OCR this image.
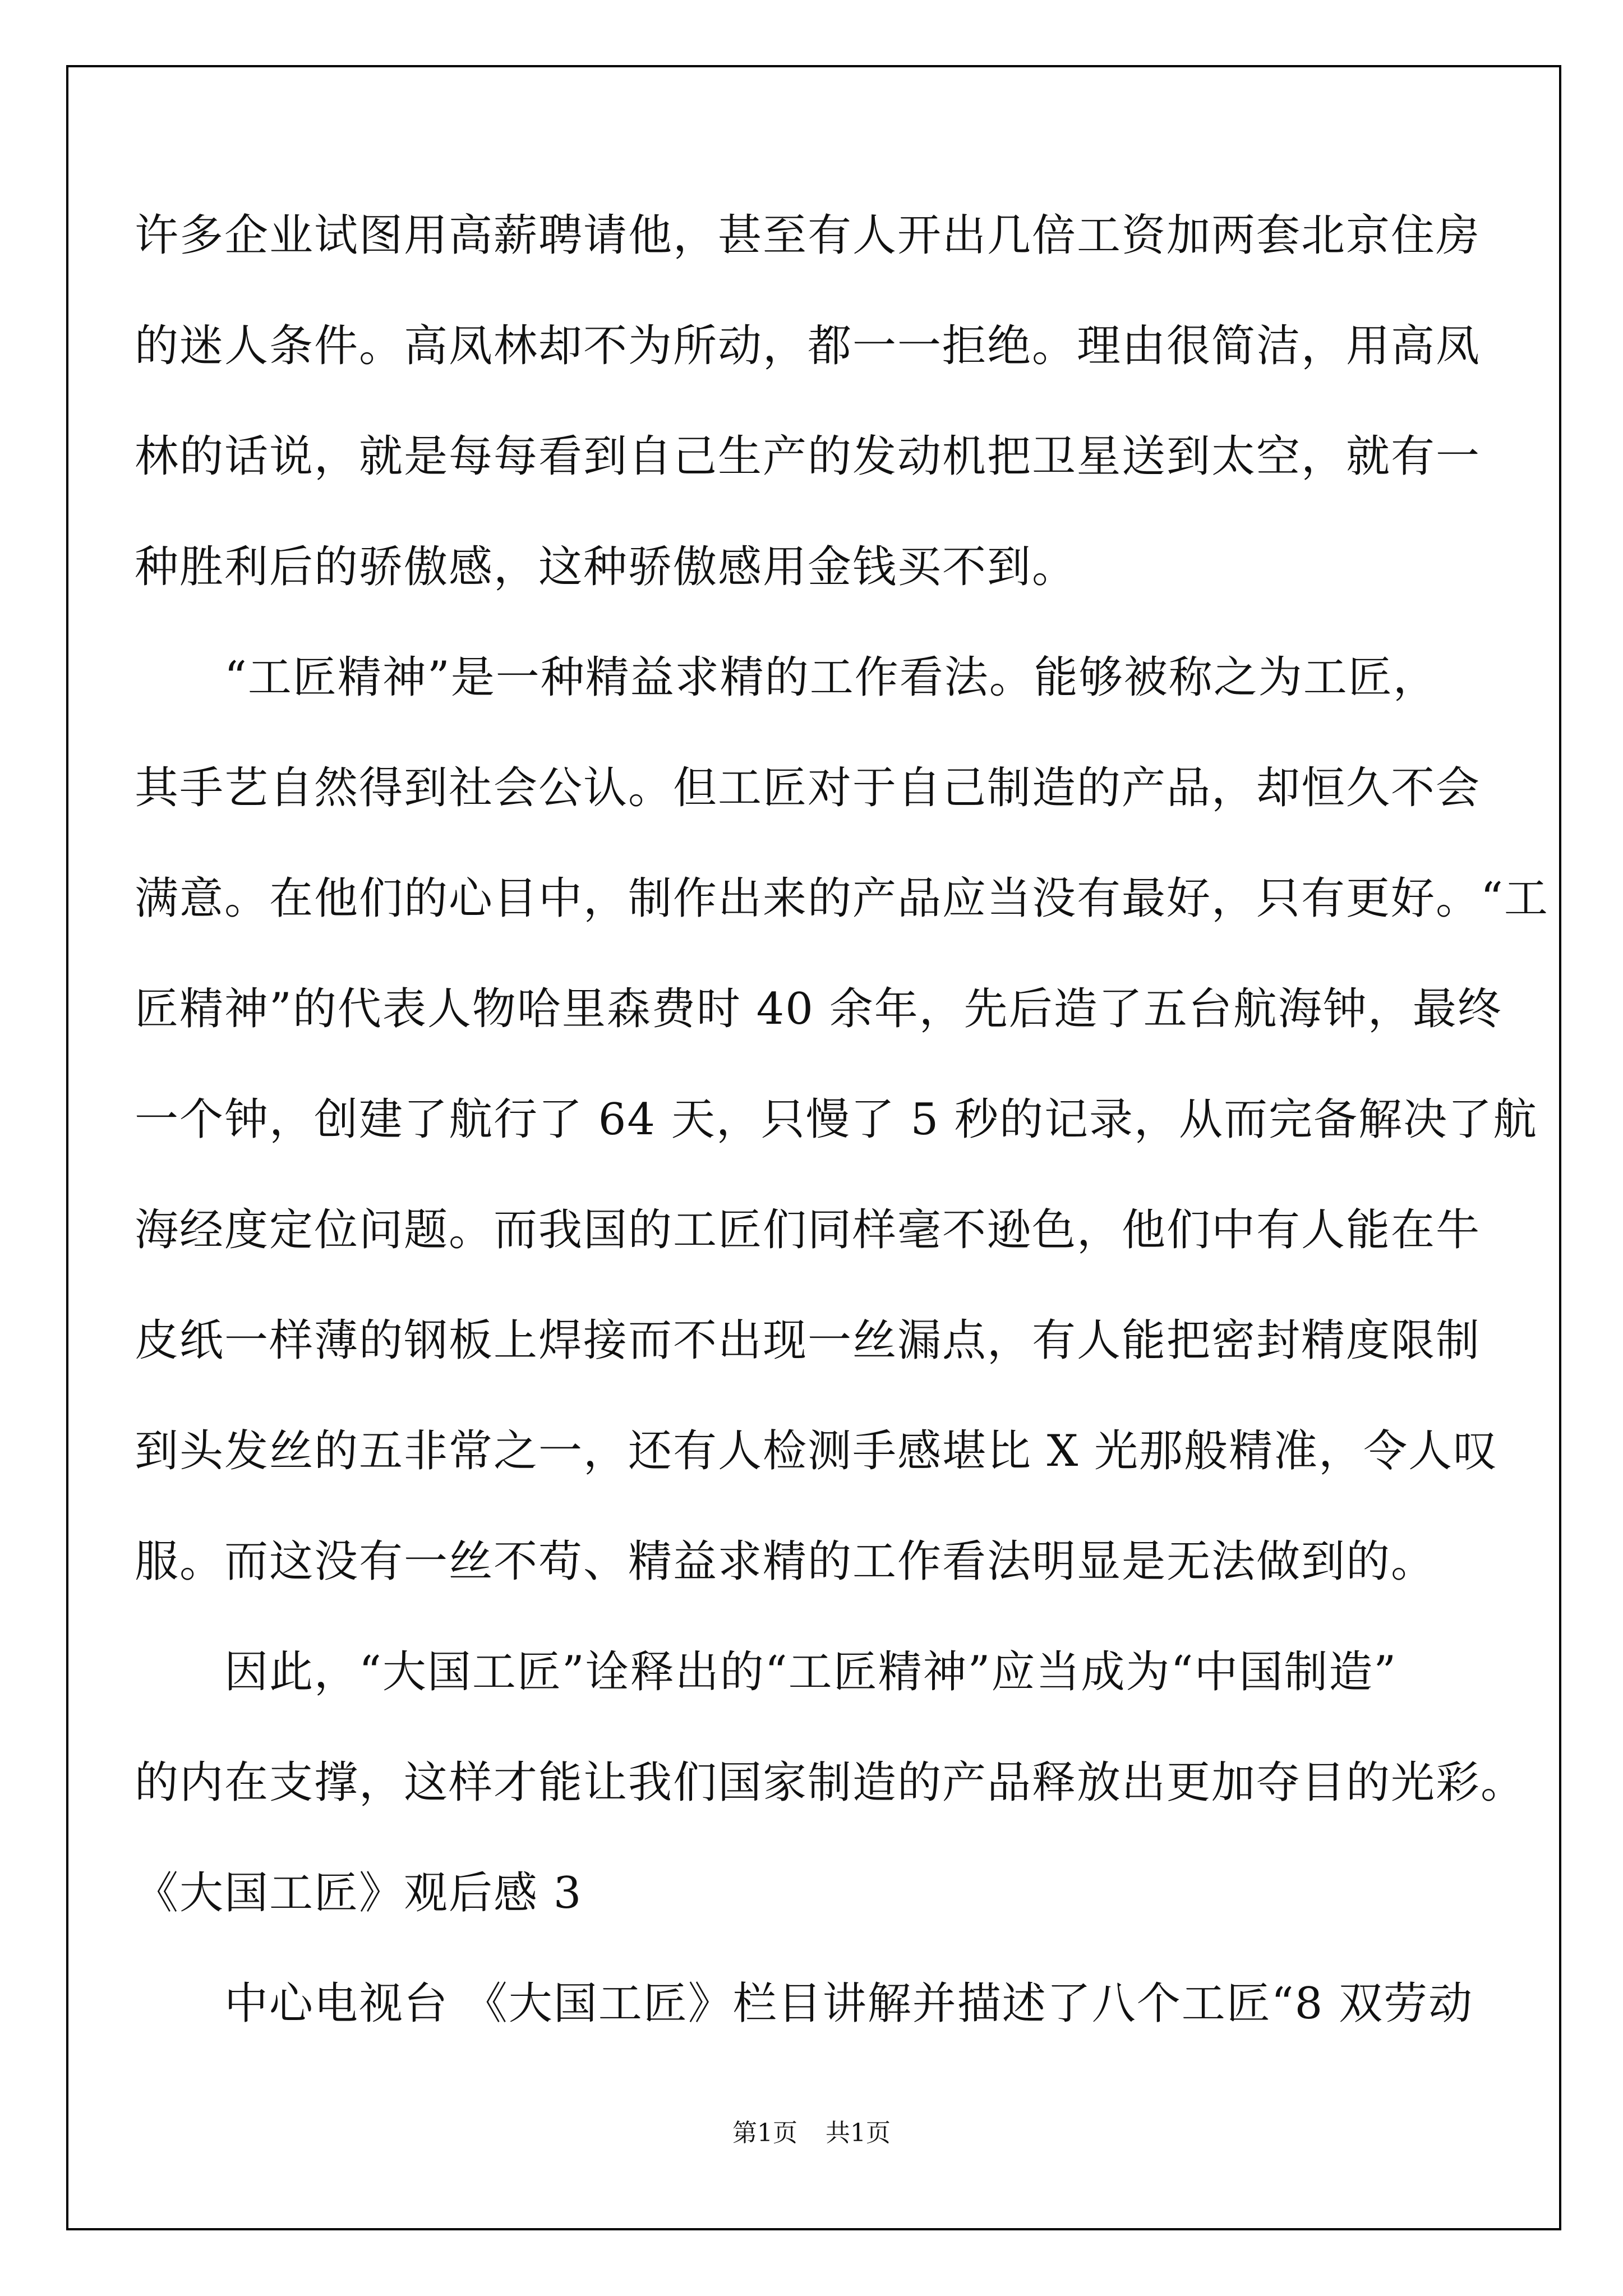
许多企业试图用高薪聘请他，甚至有人开出几倍工资加两套北京住房
的迷人条件。高凤林却不为所动，都一一拒绝。理由很简洁，用高凤
林的话说，就是每每看到自己生产的发动机把卫星送到太空，就有一
种胜利后的骄傲感，这种骄傲感用金钱买不到。
　　“工匠精神”是一种精益求精的工作看法。能够被称之为工匠，
其手艺自然得到社会公认。但工匠对于自己制造的产品，却恒久不会
满意。在他们的心目中，制作出来的产品应当没有最好，只有更好。“工
匠精神”的代表人物哈里森费时 40 余年，先后造了五台航海钟，最终
一个钟，创建了航行了 64 天，只慢了 5 秒的记录，从而完备解决了航
海经度定位问题。而我国的工匠们同样毫不逊色，他们中有人能在牛
皮纸一样薄的钢板上焊接而不出现一丝漏点，有人能把密封精度限制
到头发丝的五非常之一，还有人检测手感堪比 X 光那般精准，令人叹
服。而这没有一丝不苟、精益求精的工作看法明显是无法做到的。
　　因此，“大国工匠”诠释出的“工匠精神”应当成为“中国制造”
的内在支撑，这样才能让我们国家制造的产品释放出更加夺目的光彩。
《大国工匠》观后感 3
　　中心电视台 《大国工匠》栏目讲解并描述了八个工匠“8 双劳动
第1页 共1页
